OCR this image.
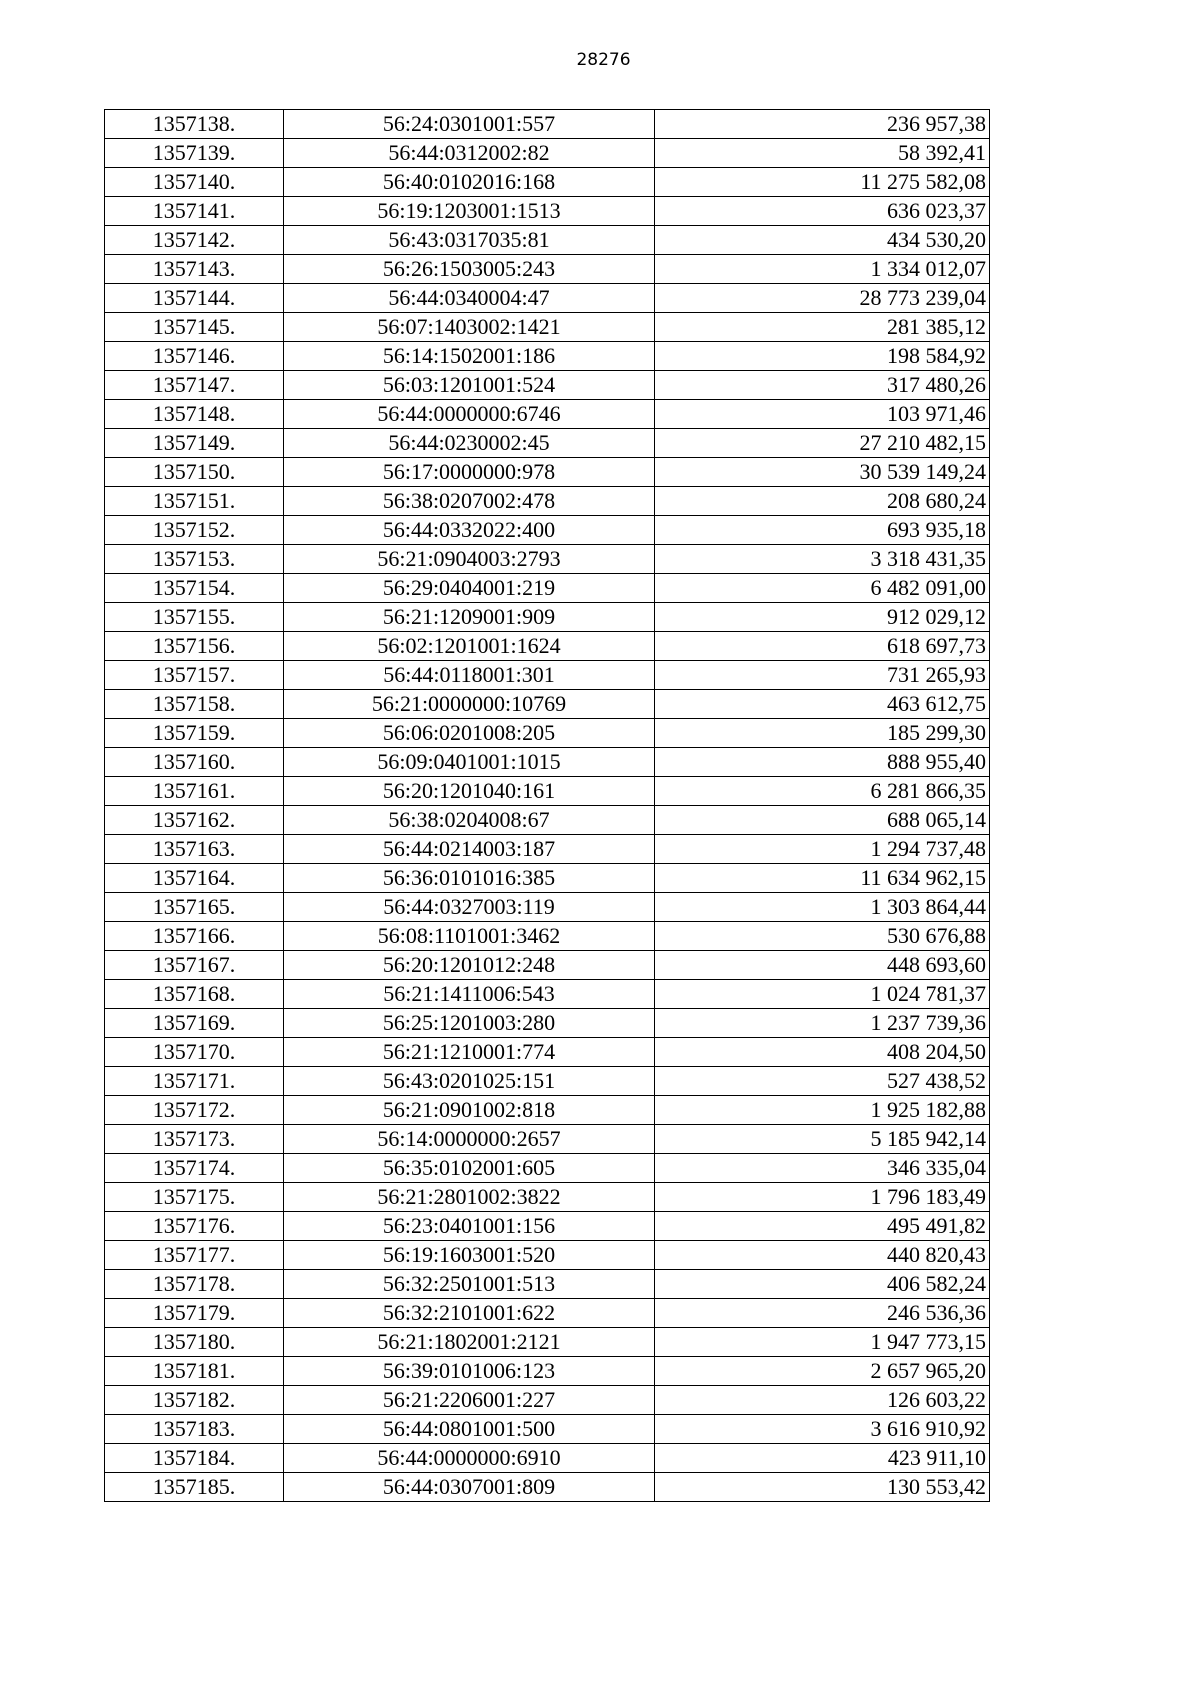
28276
1357138.	56:24:0301001:557	236 957,38
1357139.	56:44:0312002:82	58 392,41
1357140.	56:40:0102016:168	11 275 582,08
1357141.	56:19:1203001:1513	636 023,37
1357142.	56:43:0317035:81	434 530,20
1357143.	56:26:1503005:243	1 334 012,07
1357144.	56:44:0340004:47	28 773 239,04
1357145.	56:07:1403002:1421	281 385,12
1357146.	56:14:1502001:186	198 584,92
1357147.	56:03:1201001:524	317 480,26
1357148.	56:44:0000000:6746	103 971,46
1357149.	56:44:0230002:45	27 210 482,15
1357150.	56:17:0000000:978	30 539 149,24
1357151.	56:38:0207002:478	208 680,24
1357152.	56:44:0332022:400	693 935,18
1357153.	56:21:0904003:2793	3 318 431,35
1357154.	56:29:0404001:219	6 482 091,00
1357155.	56:21:1209001:909	912 029,12
1357156.	56:02:1201001:1624	618 697,73
1357157.	56:44:0118001:301	731 265,93
1357158.	56:21:0000000:10769	463 612,75
1357159.	56:06:0201008:205	185 299,30
1357160.	56:09:0401001:1015	888 955,40
1357161.	56:20:1201040:161	6 281 866,35
1357162.	56:38:0204008:67	688 065,14
1357163.	56:44:0214003:187	1 294 737,48
1357164.	56:36:0101016:385	11 634 962,15
1357165.	56:44:0327003:119	1 303 864,44
1357166.	56:08:1101001:3462	530 676,88
1357167.	56:20:1201012:248	448 693,60
1357168.	56:21:1411006:543	1 024 781,37
1357169.	56:25:1201003:280	1 237 739,36
1357170.	56:21:1210001:774	408 204,50
1357171.	56:43:0201025:151	527 438,52
1357172.	56:21:0901002:818	1 925 182,88
1357173.	56:14:0000000:2657	5 185 942,14
1357174.	56:35:0102001:605	346 335,04
1357175.	56:21:2801002:3822	1 796 183,49
1357176.	56:23:0401001:156	495 491,82
1357177.	56:19:1603001:520	440 820,43
1357178.	56:32:2501001:513	406 582,24
1357179.	56:32:2101001:622	246 536,36
1357180.	56:21:1802001:2121	1 947 773,15
1357181.	56:39:0101006:123	2 657 965,20
1357182.	56:21:2206001:227	126 603,22
1357183.	56:44:0801001:500	3 616 910,92
1357184.	56:44:0000000:6910	423 911,10
1357185.	56:44:0307001:809	130 553,42
